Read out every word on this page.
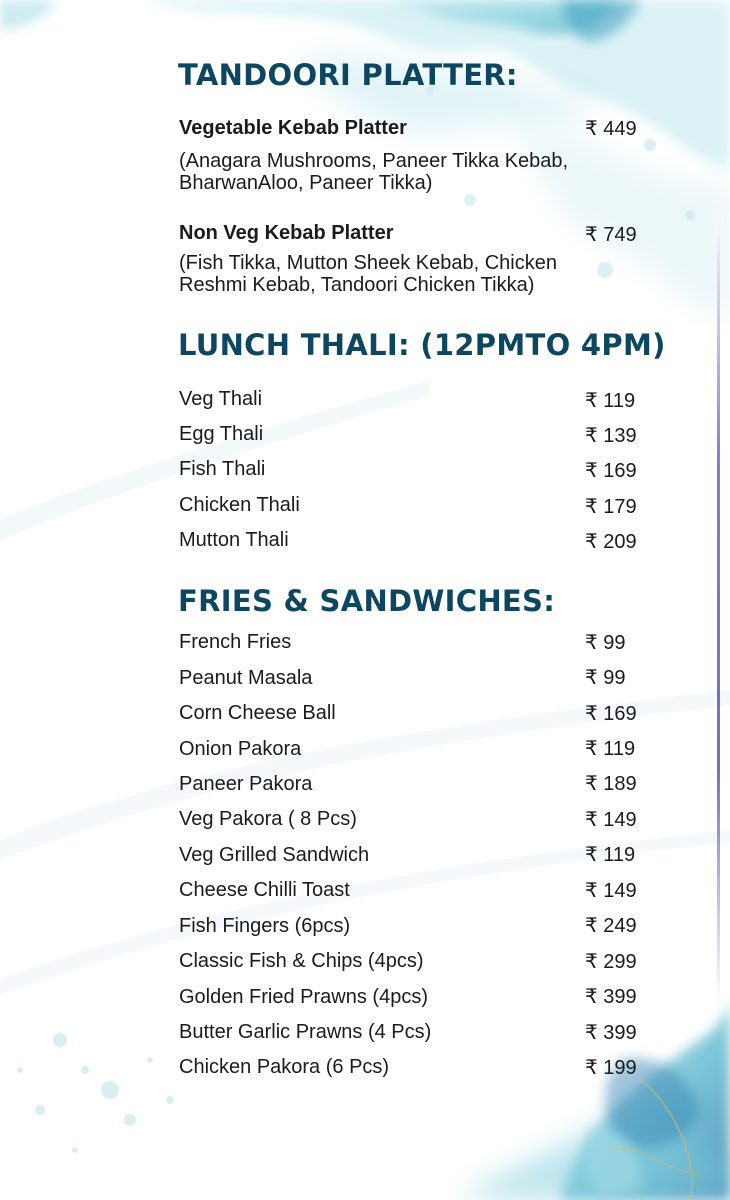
TANDOORI PLATTER:
Vegetable Kebab Platter	₹ 449
(Anagara Mushrooms, Paneer Tikka Kebab, BharwanAloo, Paneer Tikka)
Non Veg Kebab Platter	₹ 749
(Fish Tikka, Mutton Sheek Kebab, Chicken Reshmi Kebab, Tandoori Chicken Tikka)
LUNCH THALI: (12PMTO 4PM)
Veg Thali	₹ 119
Egg Thali	₹ 139
Fish Thali	₹ 169
Chicken Thali	₹ 179
Mutton Thali	₹ 209
FRIES & SANDWICHES:
French Fries	₹ 99
Peanut Masala	₹ 99
Corn Cheese Ball	₹ 169
Onion Pakora	₹ 119
Paneer Pakora	₹ 189
Veg Pakora ( 8 Pcs)	₹ 149
Veg Grilled Sandwich	₹ 119
Cheese Chilli Toast	₹ 149
Fish Fingers (6pcs)	₹ 249
Classic Fish & Chips (4pcs)	₹ 299
Golden Fried Prawns (4pcs)	₹ 399
Butter Garlic Prawns (4 Pcs)	₹ 399
Chicken Pakora (6 Pcs)	₹ 199
